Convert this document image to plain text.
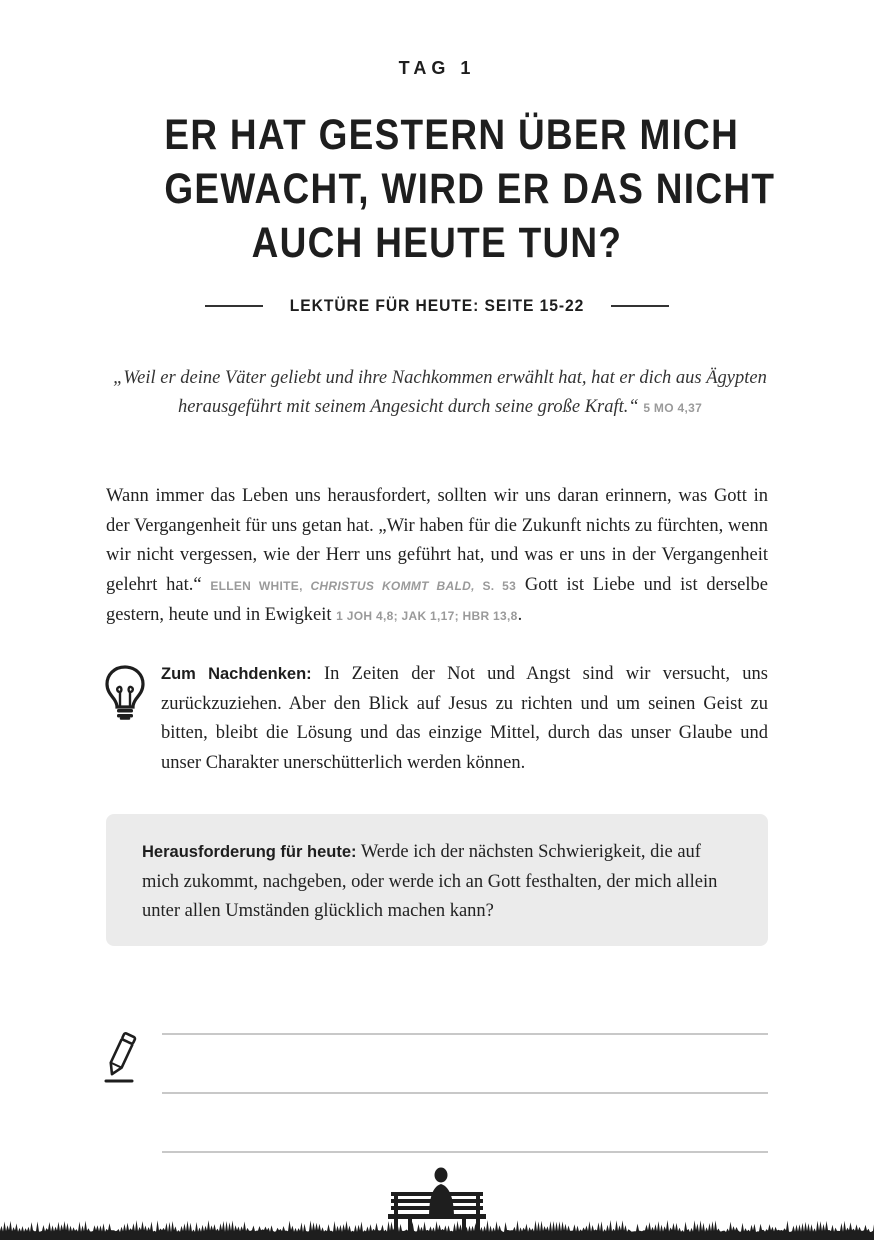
TAG 1
ER HAT GESTERN ÜBER MICH
GEWACHT, WIRD ER DAS NICHT
AUCH HEUTE TUN?
LEKTÜRE FÜR HEUTE: SEITE 15-22
„Weil er deine Väter geliebt und ihre Nachkommen erwählt hat, hat er dich aus Ägypten herausgeführt mit seinem Angesicht durch seine große Kraft.“ 5 MO 4,37
Wann immer das Leben uns herausfordert, sollten wir uns daran erinnern, was Gott in der Vergangenheit für uns getan hat. „Wir haben für die Zukunft nichts zu fürchten, wenn wir nicht vergessen, wie der Herr uns geführt hat, und was er uns in der Vergangenheit gelehrt hat.“ ELLEN WHITE, CHRISTUS KOMMT BALD, S. 53 Gott ist Liebe und ist derselbe gestern, heute und in Ewigkeit 1 JOH 4,8; JAK 1,17; HBR 13,8.
Zum Nachdenken: In Zeiten der Not und Angst sind wir versucht, uns zurückzuziehen. Aber den Blick auf Jesus zu richten und um seinen Geist zu bitten, bleibt die Lösung und das einzige Mittel, durch das unser Glaube und unser Charakter unerschütterlich werden können.
Herausforderung für heute: Werde ich der nächsten Schwierigkeit, die auf mich zukommt, nachgeben, oder werde ich an Gott festhalten, der mich allein unter allen Umständen glücklich machen kann?
